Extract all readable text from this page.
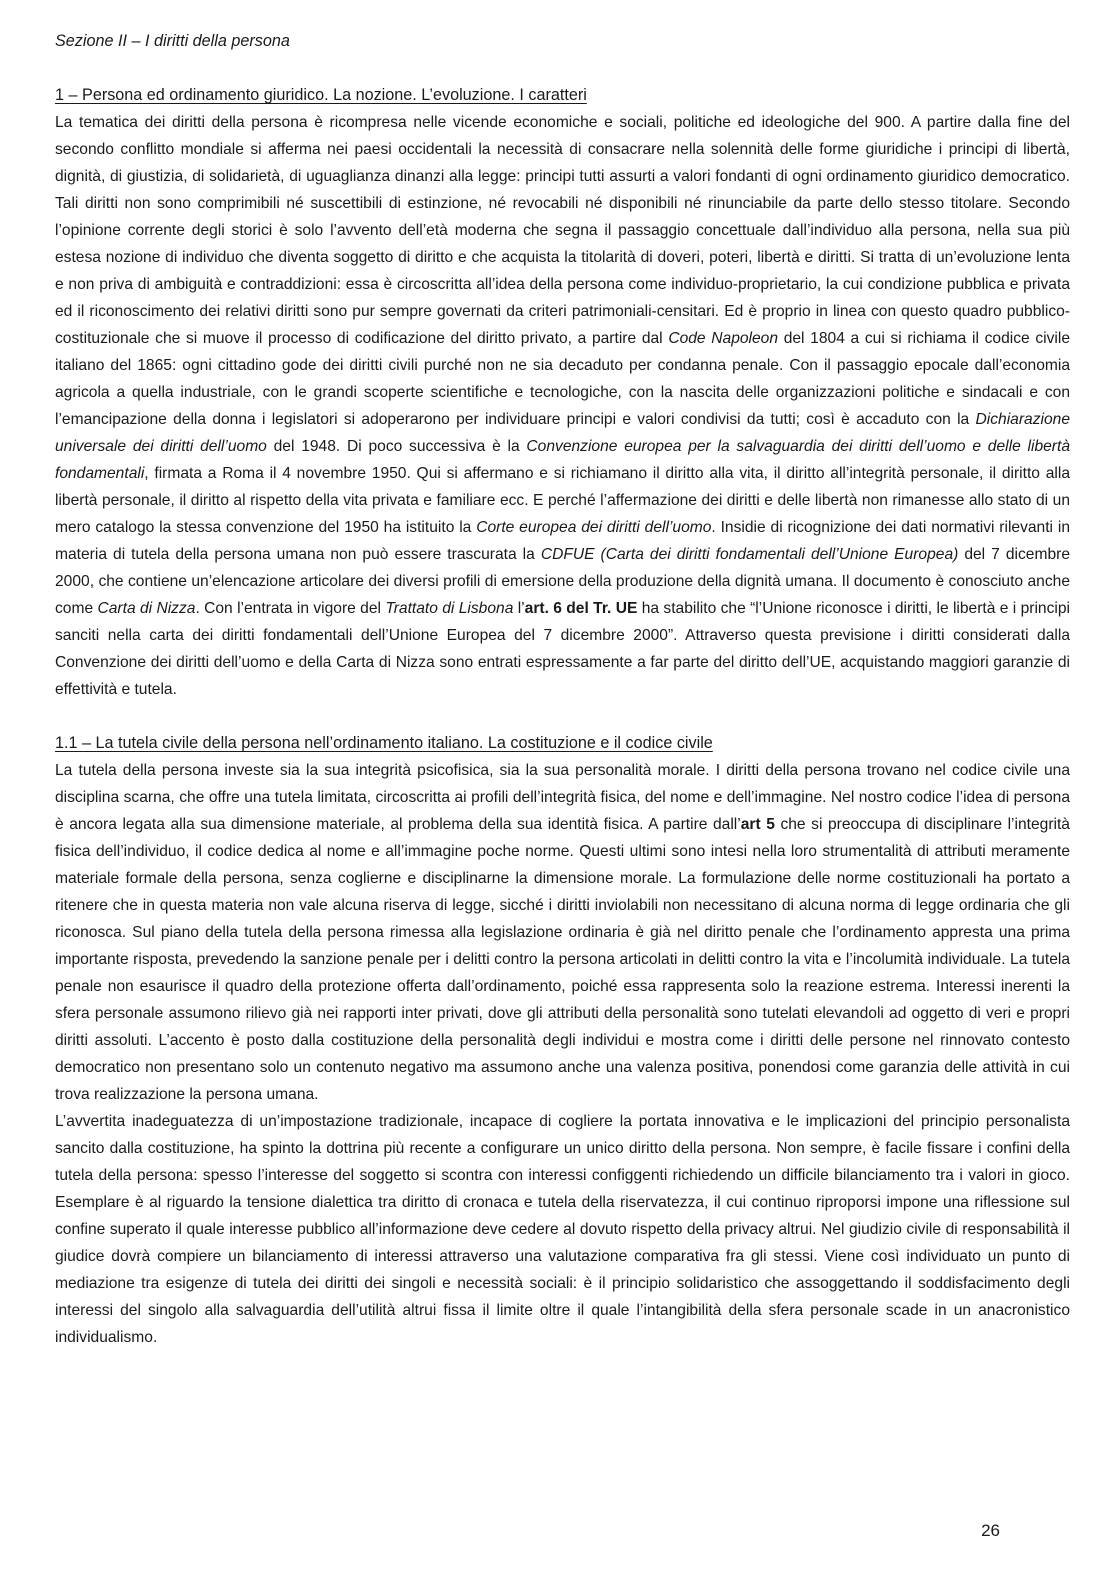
Sezione II – I diritti della persona
1 – Persona ed ordinamento giuridico. La nozione. L’evoluzione. I caratteri

La tematica dei diritti della persona è ricompresa nelle vicende economiche e sociali, politiche ed ideologiche del 900. A partire dalla fine del secondo conflitto mondiale si afferma nei paesi occidentali la necessità di consacrare nella solennità delle forme giuridiche i principi di libertà, dignità, di giustizia, di solidarietà, di uguaglianza dinanzi alla legge: principi tutti assurti a valori fondanti di ogni ordinamento giuridico democratico. Tali diritti non sono comprimibili né suscettibili di estinzione, né revocabili né disponibili né rinunciabile da parte dello stesso titolare. Secondo l’opinione corrente degli storici è solo l’avvento dell’età moderna che segna il passaggio concettuale dall’individuo alla persona, nella sua più estesa nozione di individuo che diventa soggetto di diritto e che acquista la titolarità di doveri, poteri, libertà e diritti. Si tratta di un’evoluzione lenta e non priva di ambiguità e contraddizioni: essa è circoscritta all’idea della persona come individuo-proprietario, la cui condizione pubblica e privata ed il riconoscimento dei relativi diritti sono pur sempre governati da criteri patrimoniali-censitari. Ed è proprio in linea con questo quadro pubblico-costituzionale che si muove il processo di codificazione del diritto privato, a partire dal Code Napoleon del 1804 a cui si richiama il codice civile italiano del 1865: ogni cittadino gode dei diritti civili purché non ne sia decaduto per condanna penale. Con il passaggio epocale dall’economia agricola a quella industriale, con le grandi scoperte scientifiche e tecnologiche, con la nascita delle organizzazioni politiche e sindacali e con l’emancipazione della donna i legislatori si adoperarono per individuare principi e valori condivisi da tutti; così è accaduto con la Dichiarazione universale dei diritti dell’uomo del 1948. Di poco successiva è la Convenzione europea per la salvaguardia dei diritti dell’uomo e delle libertà fondamentali, firmata a Roma il 4 novembre 1950. Qui si affermano e si richiamano il diritto alla vita, il diritto all’integrità personale, il diritto alla libertà personale, il diritto al rispetto della vita privata e familiare ecc. E perché l’affermazione dei diritti e delle libertà non rimanesse allo stato di un mero catalogo la stessa convenzione del 1950 ha istituito la Corte europea dei diritti dell’uomo. Insidie di ricognizione dei dati normativi rilevanti in materia di tutela della persona umana non può essere trascurata la CDFUE (Carta dei diritti fondamentali dell’Unione Europea) del 7 dicembre 2000, che contiene un’elencazione articolare dei diversi profili di emersione della produzione della dignità umana. Il documento è conosciuto anche come Carta di Nizza. Con l’entrata in vigore del Trattato di Lisbona l’art. 6 del Tr. UE ha stabilito che “l’Unione riconosce i diritti, le libertà e i principi sanciti nella carta dei diritti fondamentali dell’Unione Europea del 7 dicembre 2000”. Attraverso questa previsione i diritti considerati dalla Convenzione dei diritti dell’uomo e della Carta di Nizza sono entrati espressamente a far parte del diritto dell’UE, acquistando maggiori garanzie di effettività e tutela.

1.1 – La tutela civile della persona nell’ordinamento italiano. La costituzione e il codice civile

La tutela della persona investe sia la sua integrità psicofisica, sia la sua personalità morale. I diritti della persona trovano nel codice civile una disciplina scarna, che offre una tutela limitata, circoscritta ai profili dell’integrità fisica, del nome e dell’immagine. Nel nostro codice l’idea di persona è ancora legata alla sua dimensione materiale, al problema della sua identità fisica. A partire dall’art 5 che si preoccupa di disciplinare l’integrità fisica dell’individuo, il codice dedica al nome e all’immagine poche norme. Questi ultimi sono intesi nella loro strumentalità di attributi meramente materiale formale della persona, senza coglierne e disciplinarne la dimensione morale. La formulazione delle norme costituzionali ha portato a ritenere che in questa materia non vale alcuna riserva di legge, sicché i diritti inviolabili non necessitano di alcuna norma di legge ordinaria che gli riconosca. Sul piano della tutela della persona rimessa alla legislazione ordinaria è già nel diritto penale che l’ordinamento appresta una prima importante risposta, prevedendo la sanzione penale per i delitti contro la persona articolati in delitti contro la vita e l’incolumità individuale. La tutela penale non esaurisce il quadro della protezione offerta dall’ordinamento, poiché essa rappresenta solo la reazione estrema. Interessi inerenti la sfera personale assumono rilievo già nei rapporti inter privati, dove gli attributi della personalità sono tutelati elevandoli ad oggetto di veri e propri diritti assoluti. L’accento è posto dalla costituzione della personalità degli individui e mostra come i diritti delle persone nel rinnovato contesto democratico non presentano solo un contenuto negativo ma assumono anche una valenza positiva, ponendosi come garanzia delle attività in cui trova realizzazione la persona umana.

L’avvertita inadeguatezza di un’impostazione tradizionale, incapace di cogliere la portata innovativa e le implicazioni del principio personalista sancito dalla costituzione, ha spinto la dottrina più recente a configurare un unico diritto della persona. Non sempre, è facile fissare i confini della tutela della persona: spesso l’interesse del soggetto si scontra con interessi configgenti richiedendo un difficile bilanciamento tra i valori in gioco. Esemplare è al riguardo la tensione dialettica tra diritto di cronaca e tutela della riservatezza, il cui continuo riproporsi impone una riflessione sul confine superato il quale interesse pubblico all’informazione deve cedere al dovuto rispetto della privacy altrui. Nel giudizio civile di responsabilità il giudice dovrà compiere un bilanciamento di interessi attraverso una valutazione comparativa fra gli stessi. Viene così individuato un punto di mediazione tra esigenze di tutela dei diritti dei singoli e necessità sociali: è il principio solidaristico che assoggettando il soddisfacimento degli interessi del singolo alla salvaguardia dell’utilità altrui fissa il limite oltre il quale l’intangibilità della sfera personale scade in un anacronistico individualismo.

26
